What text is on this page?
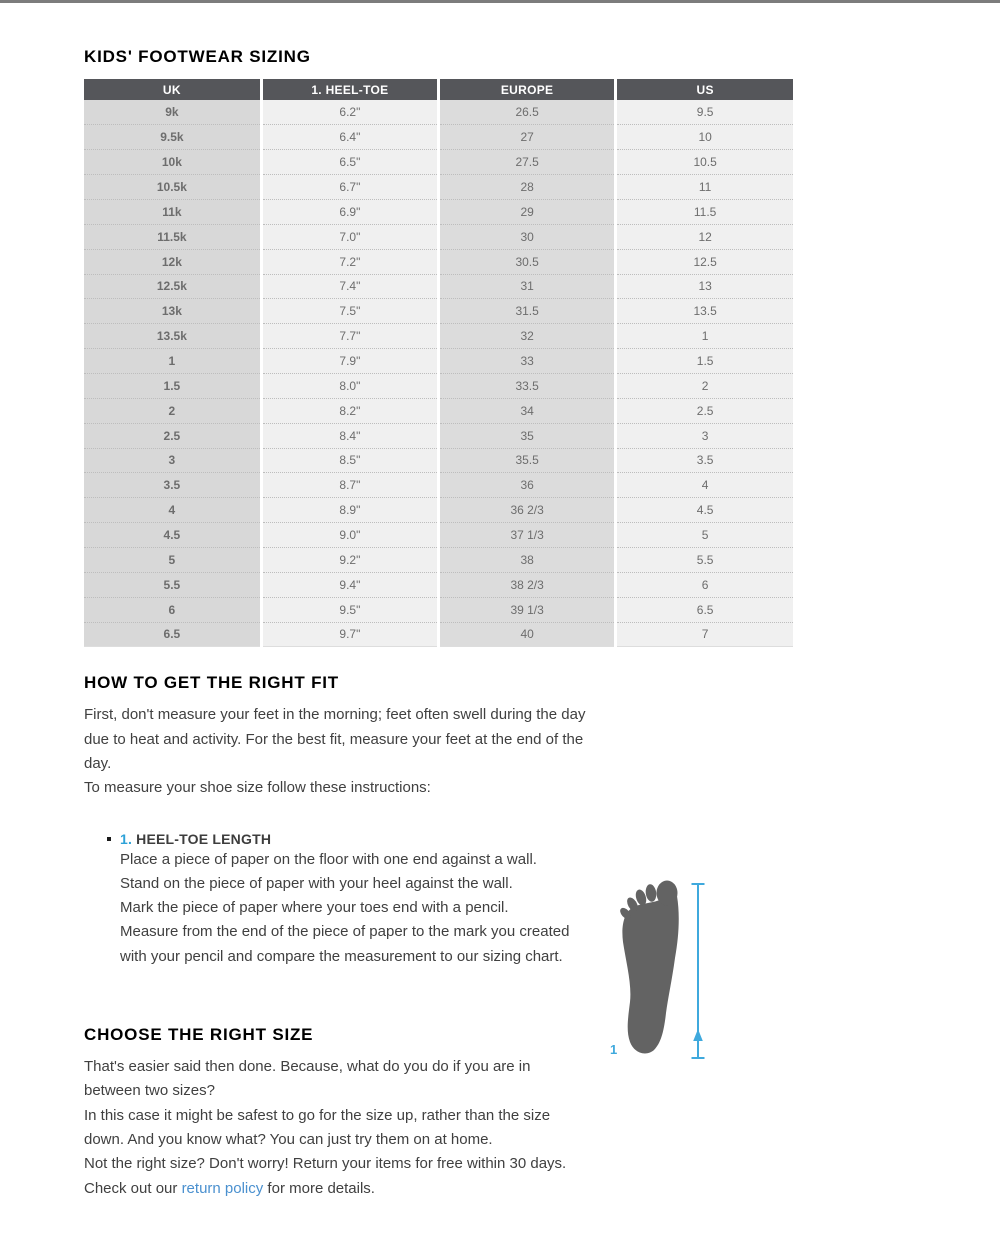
KIDS' FOOTWEAR SIZING
UK	1. HEEL-TOE	EUROPE	US
9k	6.2"	26.5	9.5
9.5k	6.4"	27	10
10k	6.5"	27.5	10.5
10.5k	6.7"	28	11
11k	6.9"	29	11.5
11.5k	7.0"	30	12
12k	7.2"	30.5	12.5
12.5k	7.4"	31	13
13k	7.5"	31.5	13.5
13.5k	7.7"	32	1
1	7.9"	33	1.5
1.5	8.0"	33.5	2
2	8.2"	34	2.5
2.5	8.4"	35	3
3	8.5"	35.5	3.5
3.5	8.7"	36	4
4	8.9"	36 2/3	4.5
4.5	9.0"	37 1/3	5
5	9.2"	38	5.5
5.5	9.4"	38 2/3	6
6	9.5"	39 1/3	6.5
6.5	9.7"	40	7
HOW TO GET THE RIGHT FIT

First, don't measure your feet in the morning; feet often swell during the day due to heat and activity. For the best fit, measure your feet at the end of the day.

To measure your shoe size follow these instructions:

1. HEEL-TOE LENGTH

Place a piece of paper on the floor with one end against a wall.

Stand on the piece of paper with your heel against the wall.

Mark the piece of paper where your toes end with a pencil.

Measure from the end of the piece of paper to the mark you created with your pencil and compare the measurement to our sizing chart.

CHOOSE THE RIGHT SIZE

That's easier said then done. Because, what do you do if you are in between two sizes?

In this case it might be safest to go for the size up, rather than the size down. And you know what? You can just try them on at home.

Not the right size? Don't worry! Return your items for free within 30 days. Check out our return policy for more details.

1
